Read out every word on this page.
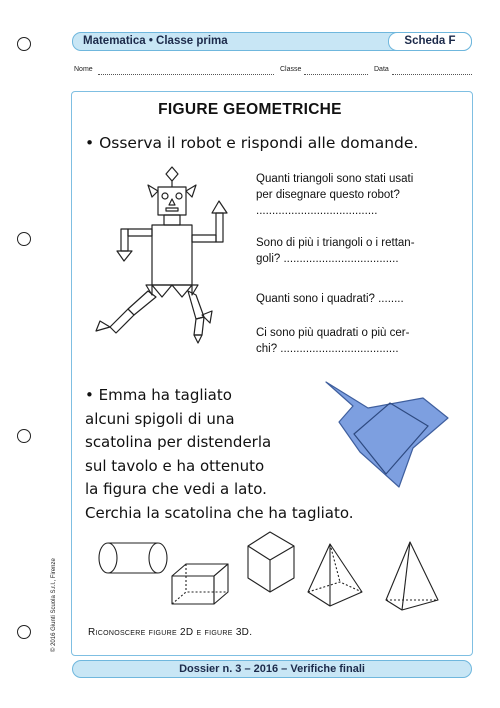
Matematica • Classe prima	Scheda F
Nome	Classe	Data
FIGURE GEOMETRICHE
• Osserva il robot e rispondi alle domande.
Quanti triangoli sono stati usati
per disegnare questo robot?
......................................
Sono di più i triangoli o i rettan-
goli? ....................................
Quanti sono i quadrati? ........
Ci sono più quadrati o più cer-
chi? .....................................
• Emma ha tagliato
alcuni spigoli di una
scatolina per distenderla
sul tavolo e ha ottenuto
la figura che vedi a lato.
Cerchia la scatolina che ha tagliato.
Riconoscere figure 2D e figure 3D.
Dossier n. 3 – 2016 – Verifiche finali
© 2016 Giunti Scuola S.r.l., Firenze
